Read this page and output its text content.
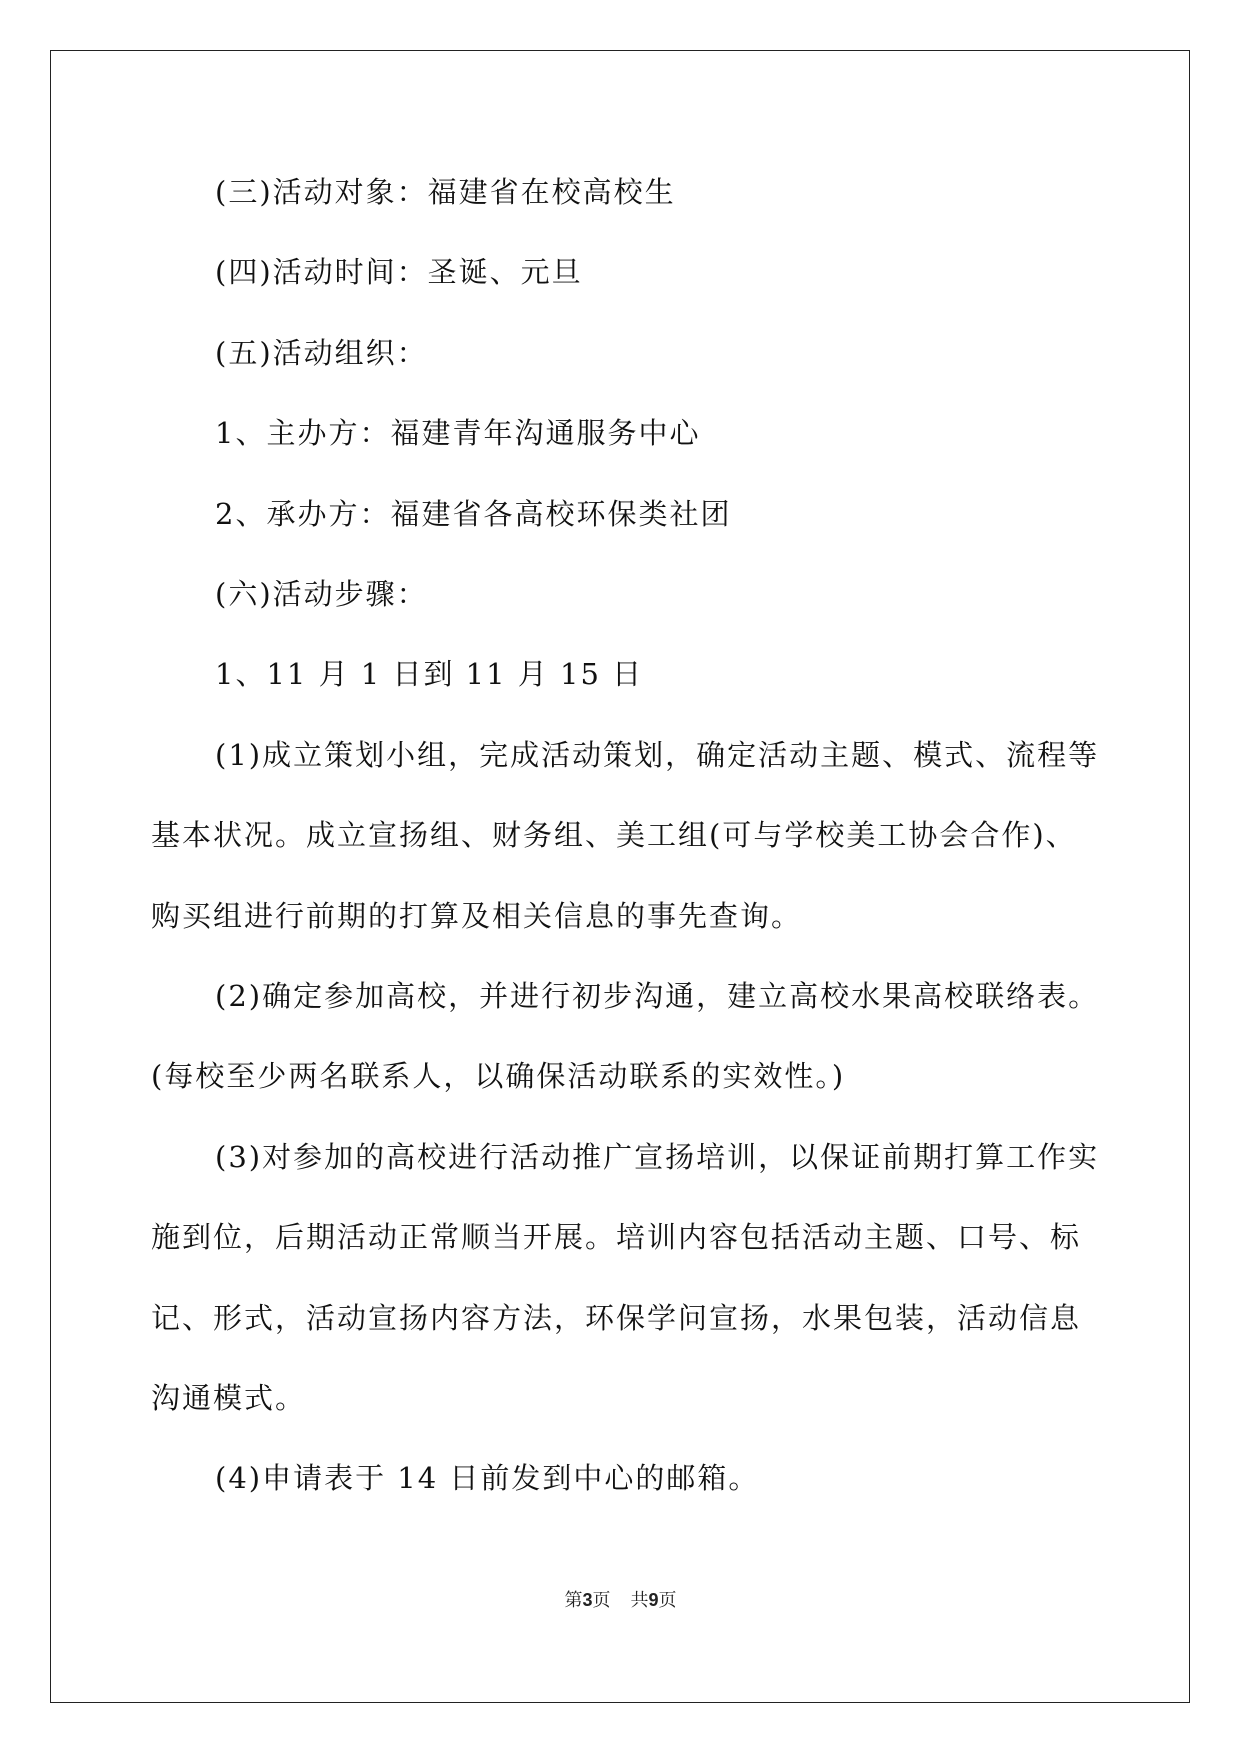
(三)活动对象：福建省在校高校生
(四)活动时间：圣诞、元旦
(五)活动组织：
1、主办方：福建青年沟通服务中心
2、承办方：福建省各高校环保类社团
(六)活动步骤：
1、11 月 1 日到 11 月 15 日
(1)成立策划小组，完成活动策划，确定活动主题、模式、流程等
基本状况。成立宣扬组、财务组、美工组(可与学校美工协会合作)、
购买组进行前期的打算及相关信息的事先查询。
(2)确定参加高校，并进行初步沟通，建立高校水果高校联络表。
(每校至少两名联系人，以确保活动联系的实效性。)
(3)对参加的高校进行活动推广宣扬培训，以保证前期打算工作实
施到位，后期活动正常顺当开展。培训内容包括活动主题、口号、标
记、形式，活动宣扬内容方法，环保学问宣扬，水果包装，活动信息
沟通模式。
(4)申请表于 14 日前发到中心的邮箱。
第3页 共9页
